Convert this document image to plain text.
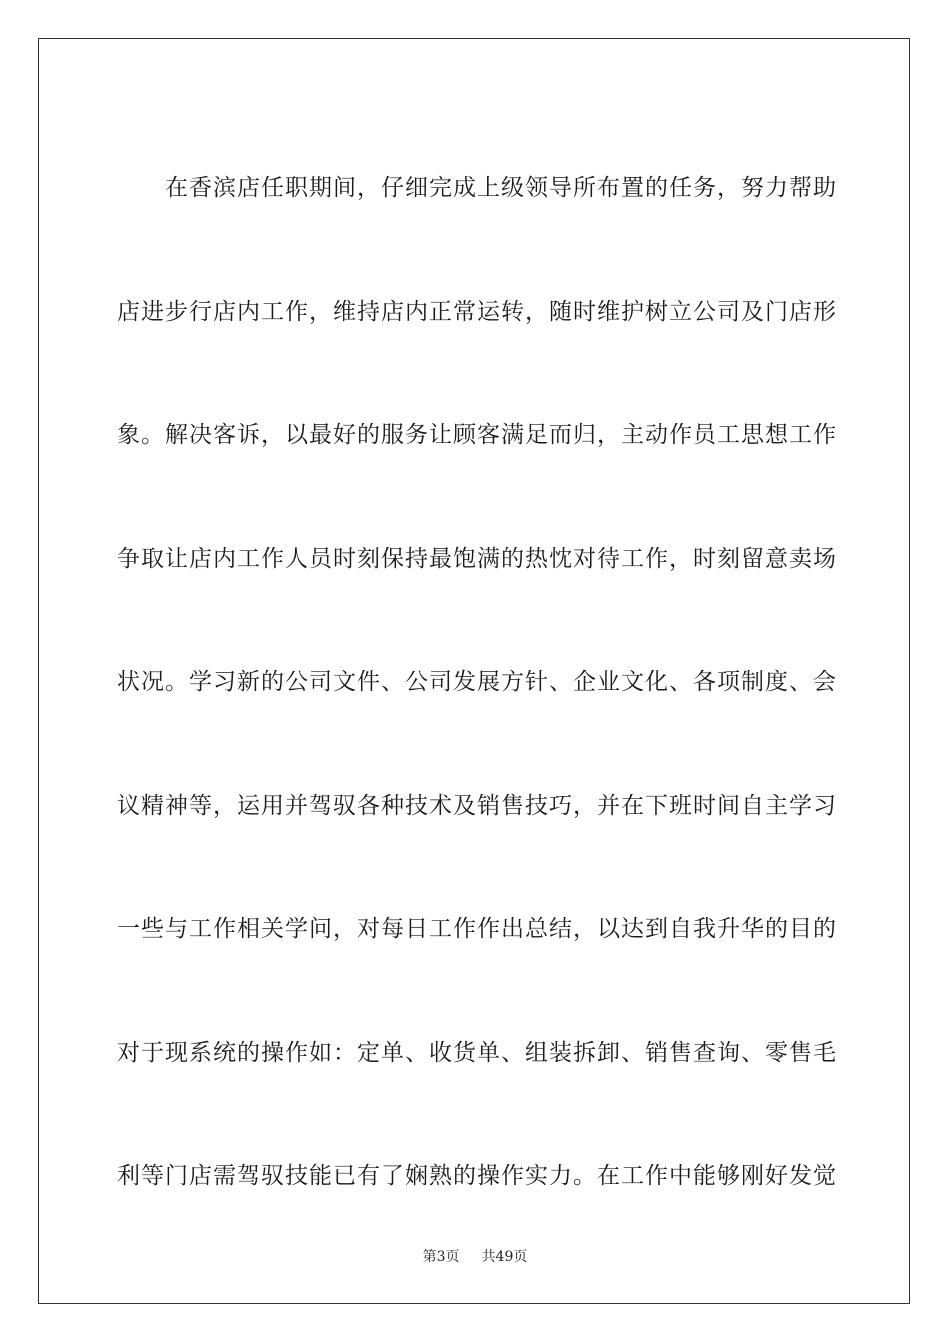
在香滨店任职期间，仔细完成上级领导所布置的任务，努力帮助
店进步行店内工作，维持店内正常运转，随时维护树立公司及门店形
象。解决客诉，以最好的服务让顾客满足而归，主动作员工思想工作
争取让店内工作人员时刻保持最饱满的热忱对待工作，时刻留意卖场
状况。学习新的公司文件、公司发展方针、企业文化、各项制度、会
议精神等，运用并驾驭各种技术及销售技巧，并在下班时间自主学习
一些与工作相关学问，对每日工作作出总结，以达到自我升华的目的
对于现系统的操作如：定单、收货单、组装拆卸、销售查询、零售毛
利等门店需驾驭技能已有了娴熟的操作实力。在工作中能够刚好发觉
第3页 共49页
